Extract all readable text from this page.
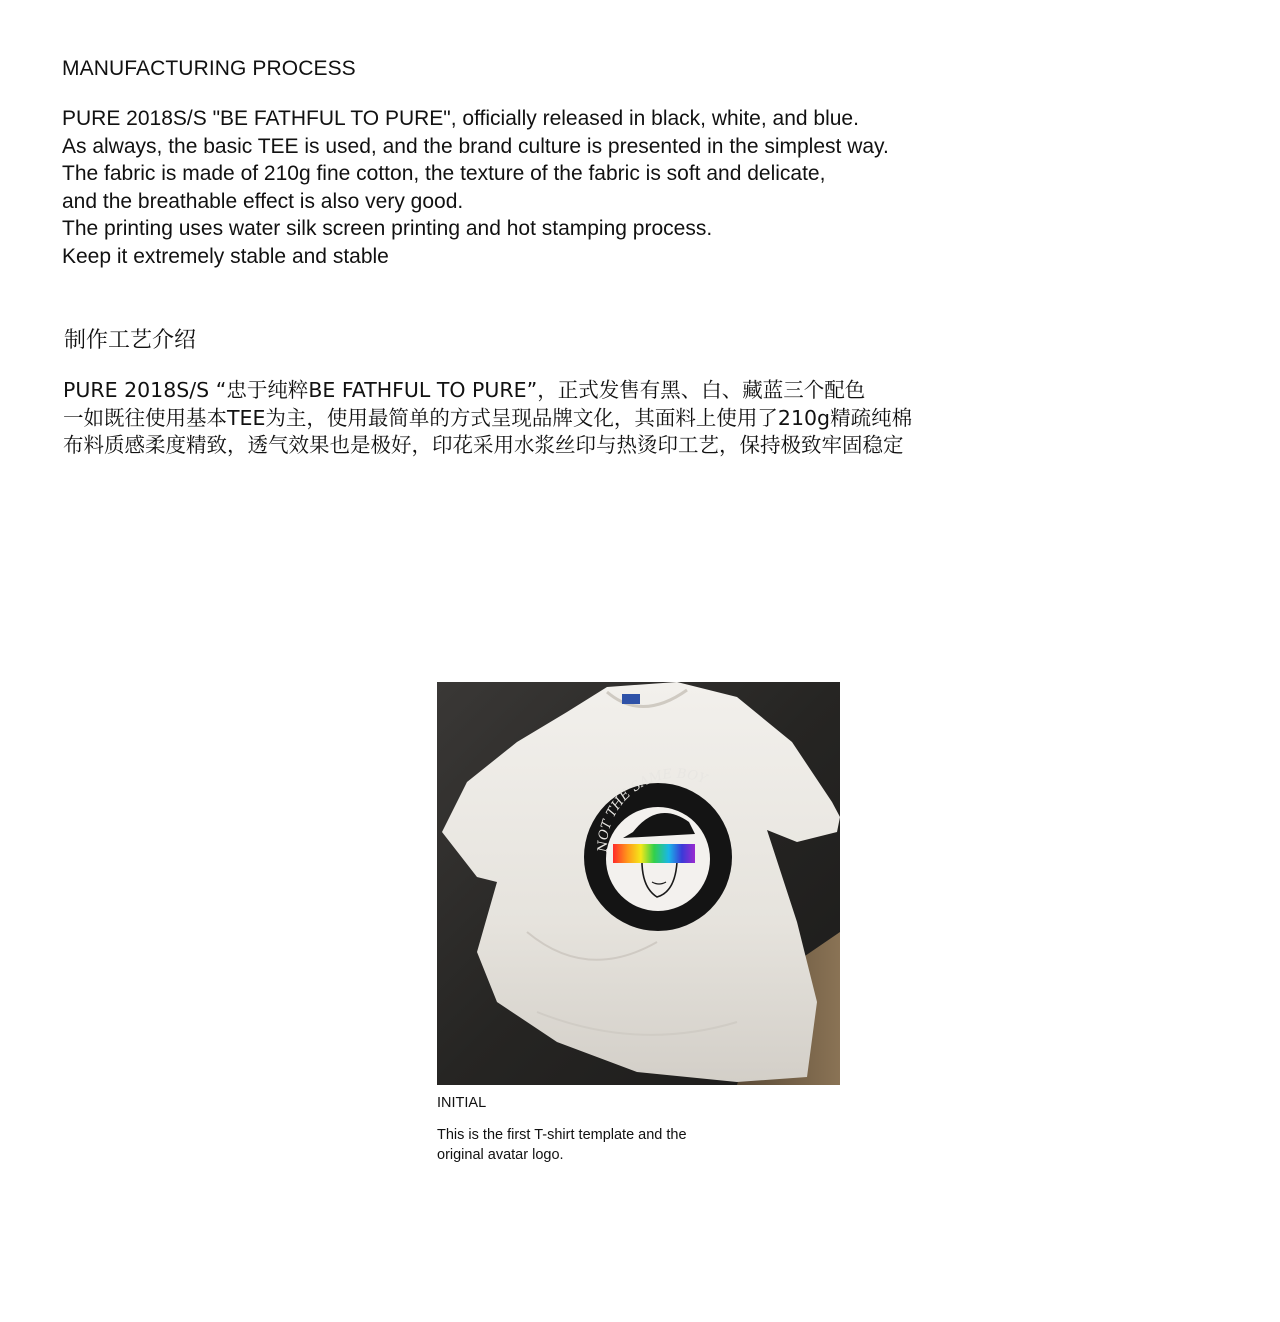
MANUFACTURING PROCESS

PURE 2018S/S "BE FATHFUL TO PURE", officially released in black, white, and blue.
As always, the basic TEE is used, and the brand culture is presented in the simplest way.
The fabric is made of 210g fine cotton, the texture of the fabric is soft and delicate,
and the breathable effect is also very good.
The printing uses water silk screen printing and hot stamping process.
Keep it extremely stable and stable

制作工艺介绍

PURE 2018S/S “忠于纯粹BE FATHFUL TO PURE”，正式发售有黑、白、藏蓝三个配色
一如既往使用基本TEE为主，使用最简单的方式呈现品牌文化，其面料上使用了210g精疏纯棉
布料质感柔度精致，透气效果也是极好，印花采用水浆丝印与热烫印工艺，保持极致牢固稳定

NOT THE SAME BOY
INITIAL

This is the first T-shirt template and the
original avatar logo.
